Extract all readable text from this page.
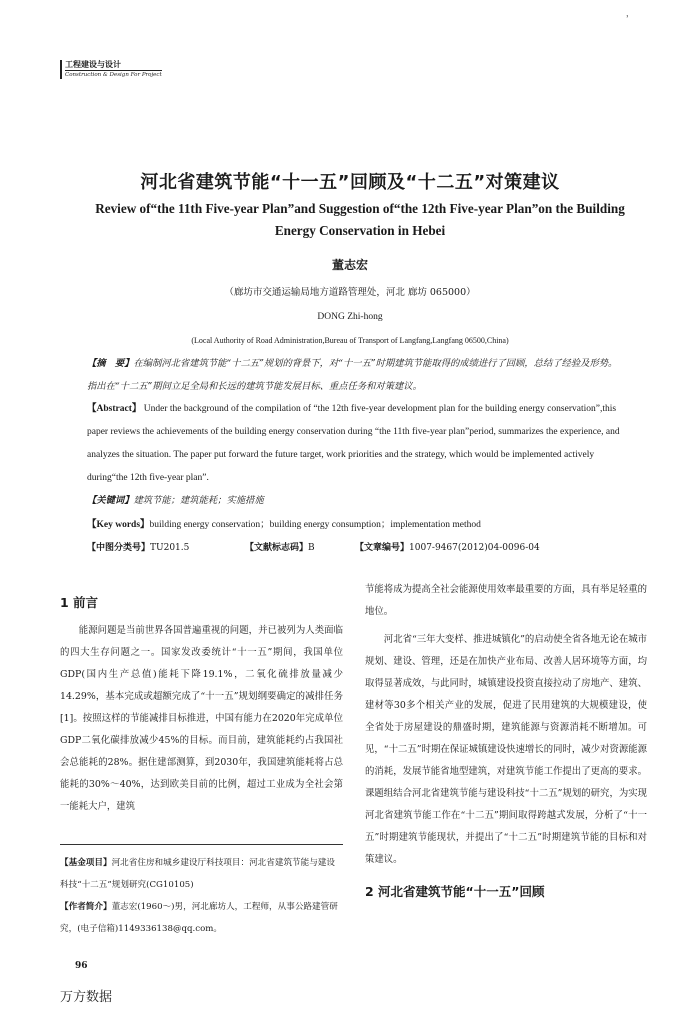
工程建设与设计
Construction & Design For Project
，
河北省建筑节能“十一五”回顾及“十二五”对策建议
Review of“the 11th Five-year Plan”and Suggestion of“the 12th Five-year Plan”on the Building Energy Conservation in Hebei
董志宏
（廊坊市交通运输局地方道路管理处，河北 廊坊 065000）
DONG Zhi-hong
(Local Authority of Road Administration,Bureau of Transport of Langfang,Langfang 06500,China)
【摘　要】在编制河北省建筑节能“十二五”规划的背景下，对“十一五”时期建筑节能取得的成绩进行了回顾，总结了经验及形势。指出在“十二五”期间立足全局和长远的建筑节能发展目标、重点任务和对策建议。
【Abstract】 Under the background of the compilation of “the 12th five-year development plan for the building energy conservation”,this paper reviews the achievements of the building energy conservation during “the 11th five-year plan”period, summarizes the experience, and analyzes the situation. The paper put forward the future target, work priorities and the strategy, which would be implemented actively during“the 12th five-year plan”.
【关键词】建筑节能；建筑能耗；实施措施
【Key words】building energy conservation；building energy consumption；implementation method
【中图分类号】TU201.5	【文献标志码】B	【文章编号】1007-9467(2012)04-0096-04
1 前言

能源问题是当前世界各国普遍重视的问题，并已被列为人类面临的四大生存问题之一。国家发改委统计“十一五”期间，我国单位GDP(国内生产总值)能耗下降19.1%，二氧化硫排放量减少14.29%，基本完成或超额完成了“十一五”规划纲要确定的减排任务[1]。按照这样的节能减排目标推进，中国有能力在2020年完成单位GDP二氧化碳排放减少45%的目标。而目前，建筑能耗约占我国社会总能耗的28%。据住建部测算，到2030年，我国建筑能耗将占总能耗的30%～40%，达到欧美目前的比例，超过工业成为全社会第一能耗大户，建筑

【基金项目】河北省住房和城乡建设厅科技项目：河北省建筑节能与建设科技“十二五”规划研究(CG10105)
【作者简介】董志宏(1960～)男，河北廊坊人，工程师，从事公路建管研究，(电子信箱)1149336138@qq.com。

节能将成为提高全社会能源使用效率最重要的方面，具有举足轻重的地位。

河北省“三年大变样、推进城镇化”的启动使全省各地无论在城市规划、建设、管理，还是在加快产业布局、改善人居环境等方面，均取得显著成效，与此同时，城镇建设投资直接拉动了房地产、建筑、建材等30多个相关产业的发展，促进了民用建筑的大规模建设，使全省处于房屋建设的鼎盛时期，建筑能源与资源消耗不断增加。可见，“十二五”时期在保证城镇建设快速增长的同时，减少对资源能源的消耗，发展节能省地型建筑，对建筑节能工作提出了更高的要求。课题组结合河北省建筑节能与建设科技“十二五”规划的研究，为实现河北省建筑节能工作在“十二五”期间取得跨越式发展，分析了“十一五”时期建筑节能现状，并提出了“十二五”时期建筑节能的目标和对策建议。

2 河北省建筑节能“十一五”回顾
96
万方数据
